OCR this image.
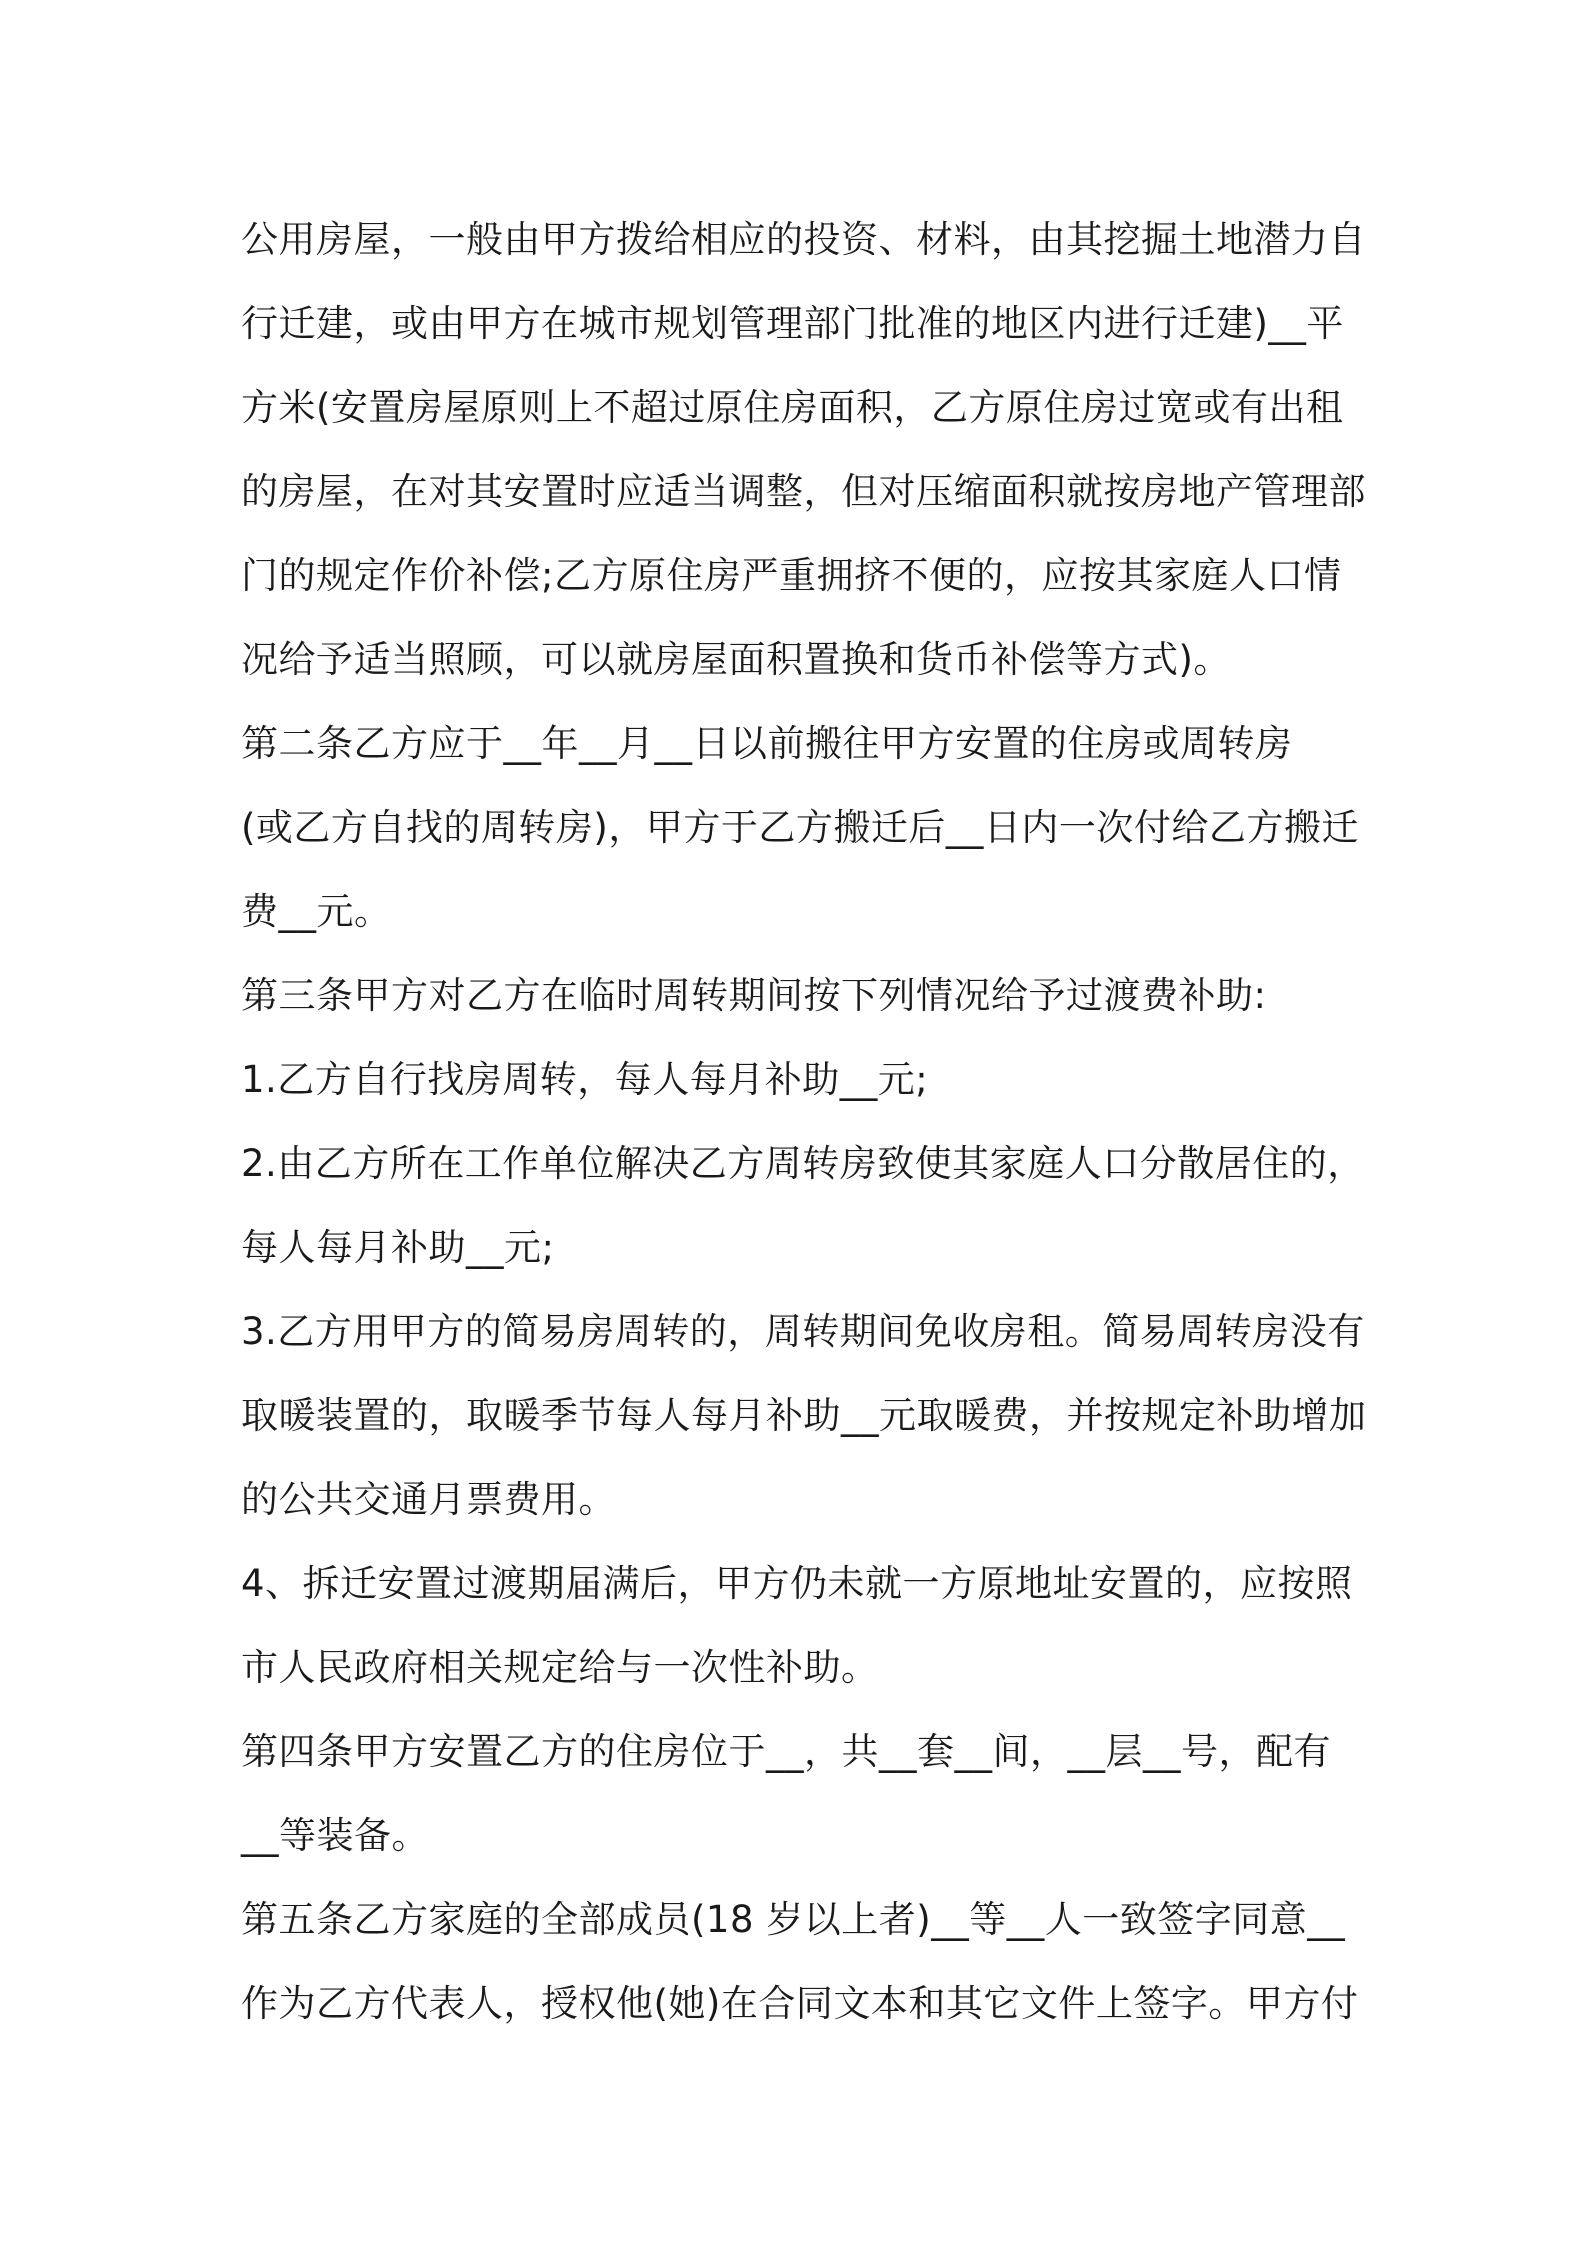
公用房屋，一般由甲方拨给相应的投资、材料，由其挖掘土地潜力自
行迁建，或由甲方在城市规划管理部门批准的地区内进行迁建)__平
方米(安置房屋原则上不超过原住房面积，乙方原住房过宽或有出租
的房屋，在对其安置时应适当调整，但对压缩面积就按房地产管理部
门的规定作价补偿;乙方原住房严重拥挤不便的，应按其家庭人口情
况给予适当照顾，可以就房屋面积置换和货币补偿等方式)。
第二条乙方应于__年__月__日以前搬往甲方安置的住房或周转房
(或乙方自找的周转房)，甲方于乙方搬迁后__日内一次付给乙方搬迁
费__元。
第三条甲方对乙方在临时周转期间按下列情况给予过渡费补助:
1.乙方自行找房周转，每人每月补助__元;
2.由乙方所在工作单位解决乙方周转房致使其家庭人口分散居住的，
每人每月补助__元;
3.乙方用甲方的简易房周转的，周转期间免收房租。简易周转房没有
取暖装置的，取暖季节每人每月补助__元取暖费，并按规定补助增加
的公共交通月票费用。
4、拆迁安置过渡期届满后，甲方仍未就一方原地址安置的，应按照
市人民政府相关规定给与一次性补助。
第四条甲方安置乙方的住房位于__，共__套__间，__层__号，配有
__等装备。
第五条乙方家庭的全部成员(18 岁以上者)__等__人一致签字同意__
作为乙方代表人，授权他(她)在合同文本和其它文件上签字。甲方付
